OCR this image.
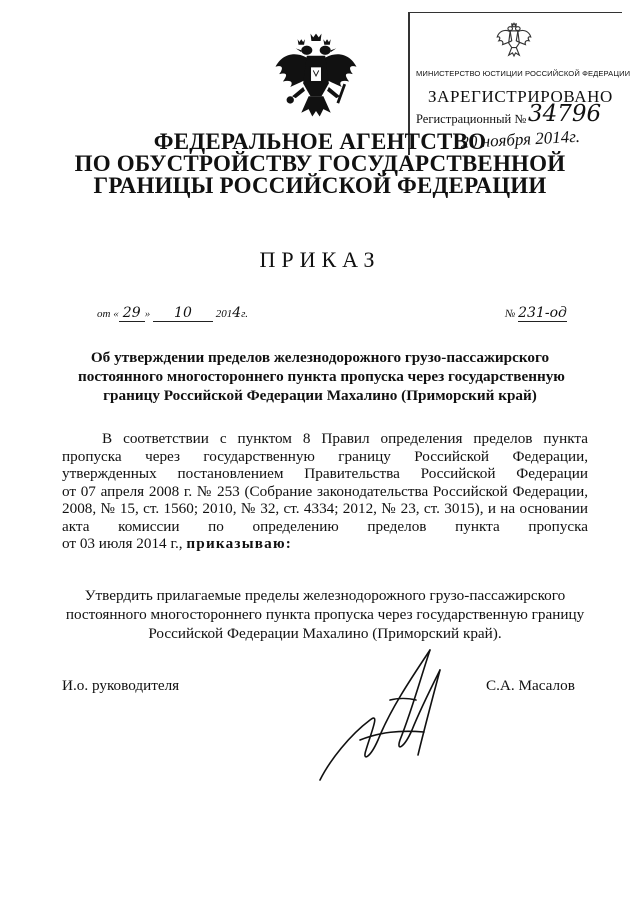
МИНИСТЕРСТВО ЮСТИЦИИ РОССИЙСКОЙ ФЕДЕРАЦИИ
ЗАРЕГИСТРИРОВАНО
Регистрационный № 34796
20 ноября 2014г.
ФЕДЕРАЛЬНОЕ АГЕНТСТВО
ПО ОБУСТРОЙСТВУ ГОСУДАРСТВЕННОЙ
ГРАНИЦЫ РОССИЙСКОЙ ФЕДЕРАЦИИ
ПРИКАЗ
от « 29 » 10 2014г.	№ 231-од
Об утверждении пределов железнодорожного грузо-пассажирского
постоянного многостороннего пункта пропуска через государственную
границу Российской Федерации Махалино (Приморский край)
В соответствии с пунктом 8 Правил определения пределов пункта
пропуска через государственную границу Российской Федерации,
утвержденных постановлением Правительства Российской Федерации
от 07 апреля 2008 г. № 253 (Собрание законодательства Российской Федерации,
2008, № 15, ст. 1560; 2010, № 32, ст. 4334; 2012, № 23, ст. 3015), и на основании
акта комиссии по определению пределов пункта пропуска
от 03 июля 2014 г., приказываю:
Утвердить прилагаемые пределы железнодорожного грузо-пассажирского
постоянного многостороннего пункта пропуска через государственную границу
Российской Федерации Махалино (Приморский край).
И.о. руководителя	С.А. Масалов
